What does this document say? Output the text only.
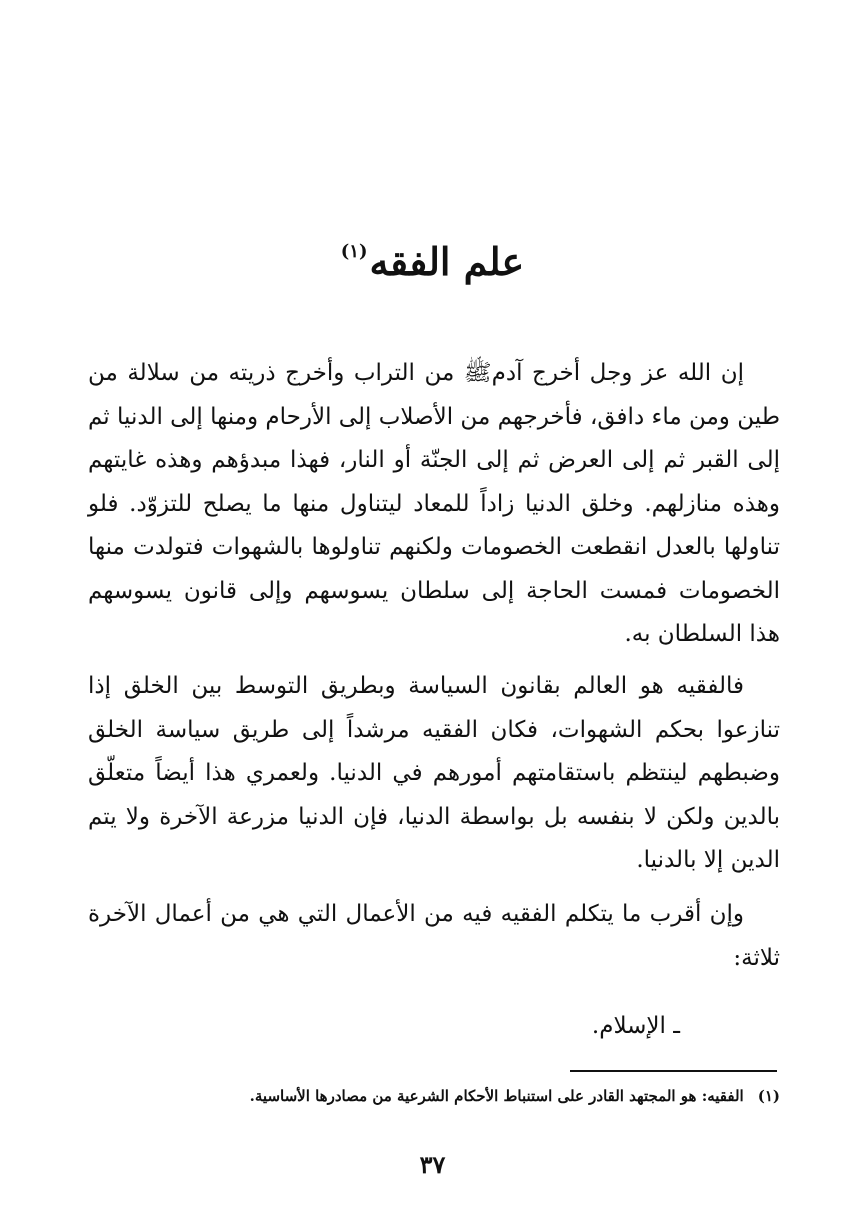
علم الفقه$^{(١)}$

إن الله عز وجل أخرج آدمﷺ من التراب وأخرج ذريته من سلالة من طين ومن ماء دافق، فأخرجهم من الأصلاب إلى الأرحام ومنها إلى الدنيا ثم إلى القبر ثم إلى العرض ثم إلى الجنّة أو النار، فهذا مبدؤهم وهذه غايتهم وهذه منازلهم. وخلق الدنيا زاداً للمعاد ليتناول منها ما يصلح للتزوّد. فلو تناولها بالعدل انقطعت الخصومات ولكنهم تناولوها بالشهوات فتولدت منها الخصومات فمست الحاجة إلى سلطان يسوسهم وإلى قانون يسوسهم هذا السلطان به.

فالفقيه هو العالم بقانون السياسة وبطريق التوسط بين الخلق إذا تنازعوا بحكم الشهوات، فكان الفقيه مرشداً إلى طريق سياسة الخلق وضبطهم لينتظم باستقامتهم أمورهم في الدنيا. ولعمري هذا أيضاً متعلّق بالدين ولكن لا بنفسه بل بواسطة الدنيا، فإن الدنيا مزرعة الآخرة ولا يتم الدين إلا بالدنيا.

وإن أقرب ما يتكلم الفقيه فيه من الأعمال التي هي من أعمال الآخرة ثلاثة:

ـ الإسلام.
(١)الفقيه: هو المجتهد القادر على استنباط الأحكام الشرعية من مصادرها الأساسية.
٣٧
